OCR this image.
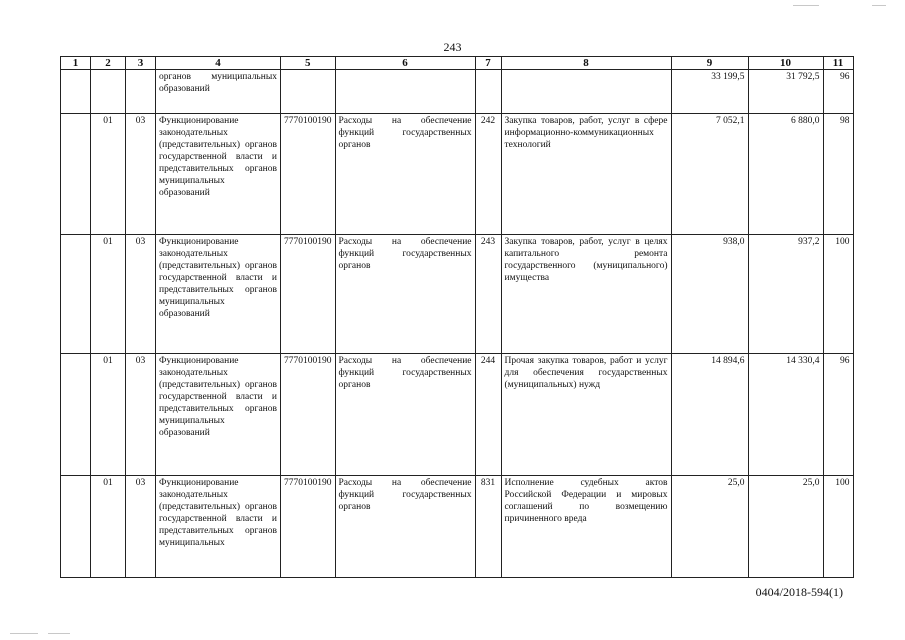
243
1	2	3	4	5	6	7	8	9	10	11
			органов муниципальных образований					33 199,5	31 792,5	96
	01	03	Функционирование законодательных (представительных) органов государственной власти и представительных органов муниципальных образований	7770100190	Расходы на обеспечение функций государственных органов	242	Закупка товаров, работ, услуг в сфере информационно-коммуникационных технологий	7 052,1	6 880,0	98
	01	03	Функционирование законодательных (представительных) органов государственной власти и представительных органов муниципальных образований	7770100190	Расходы на обеспечение функций государственных органов	243	Закупка товаров, работ, услуг в целях капитального ремонта государственного (муниципального) имущества	938,0	937,2	100
	01	03	Функционирование законодательных (представительных) органов государственной власти и представительных органов муниципальных образований	7770100190	Расходы на обеспечение функций государственных органов	244	Прочая закупка товаров, работ и услуг для обеспечения государственных (муниципальных) нужд	14 894,6	14 330,4	96
	01	03	Функционирование законодательных (представительных) органов государственной власти и представительных органов муниципальных	7770100190	Расходы на обеспечение функций государственных органов	831	Исполнение судебных актов Российской Федерации и мировых соглашений по возмещению причиненного вреда	25,0	25,0	100
0404/2018-594(1)
